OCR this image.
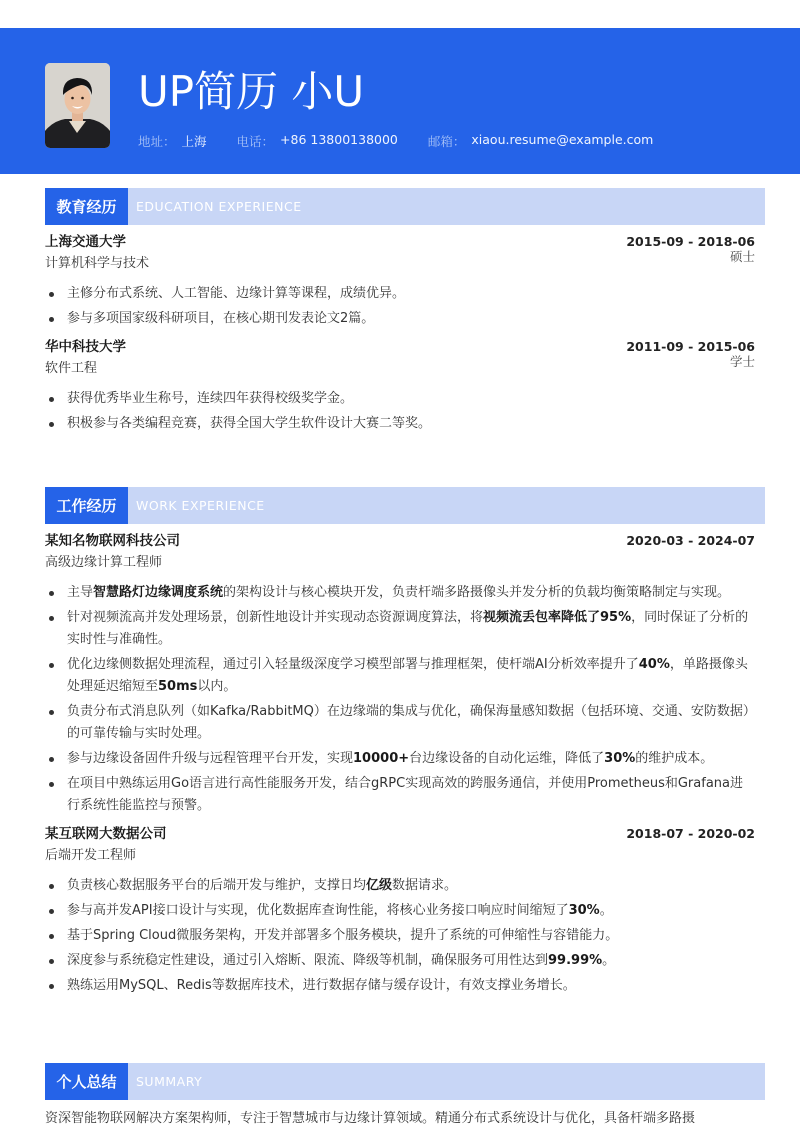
UP简历 小U
地址： 上海 电话： +86 13800138000 邮箱： xiaou.resume@example.com
教育经历	EDUCATION EXPERIENCE
上海交通大学	2015-09 - 2018-06
计算机科学与技术	硕士
主修分布式系统、人工智能、边缘计算等课程，成绩优异。
参与多项国家级科研项目，在核心期刊发表论文2篇。
华中科技大学	2011-09 - 2015-06
软件工程	学士
获得优秀毕业生称号，连续四年获得校级奖学金。
积极参与各类编程竞赛，获得全国大学生软件设计大赛二等奖。
工作经历	WORK EXPERIENCE
某知名物联网科技公司	2020-03 - 2024-07
高级边缘计算工程师
主导智慧路灯边缘调度系统的架构设计与核心模块开发，负责杆端多路摄像头并发分析的负载均衡策略制定与实现。
针对视频流高并发处理场景，创新性地设计并实现动态资源调度算法，将视频流丢包率降低了95%，同时保证了分析的实时性与准确性。
优化边缘侧数据处理流程，通过引入轻量级深度学习模型部署与推理框架，使杆端AI分析效率提升了40%，单路摄像头处理延迟缩短至50ms以内。
负责分布式消息队列（如Kafka/RabbitMQ）在边缘端的集成与优化，确保海量感知数据（包括环境、交通、安防数据）的可靠传输与实时处理。
参与边缘设备固件升级与远程管理平台开发，实现10000+台边缘设备的自动化运维，降低了30%的维护成本。
在项目中熟练运用Go语言进行高性能服务开发，结合gRPC实现高效的跨服务通信，并使用Prometheus和Grafana进行系统性能监控与预警。
某互联网大数据公司	2018-07 - 2020-02
后端开发工程师
负责核心数据服务平台的后端开发与维护，支撑日均亿级数据请求。
参与高并发API接口设计与实现，优化数据库查询性能，将核心业务接口响应时间缩短了30%。
基于Spring Cloud微服务架构，开发并部署多个服务模块，提升了系统的可伸缩性与容错能力。
深度参与系统稳定性建设，通过引入熔断、限流、降级等机制，确保服务可用性达到99.99%。
熟练运用MySQL、Redis等数据库技术，进行数据存储与缓存设计，有效支撑业务增长。
个人总结	SUMMARY
资深智能物联网解决方案架构师，专注于智慧城市与边缘计算领域。精通分布式系统设计与优化，具备杆端多路摄
